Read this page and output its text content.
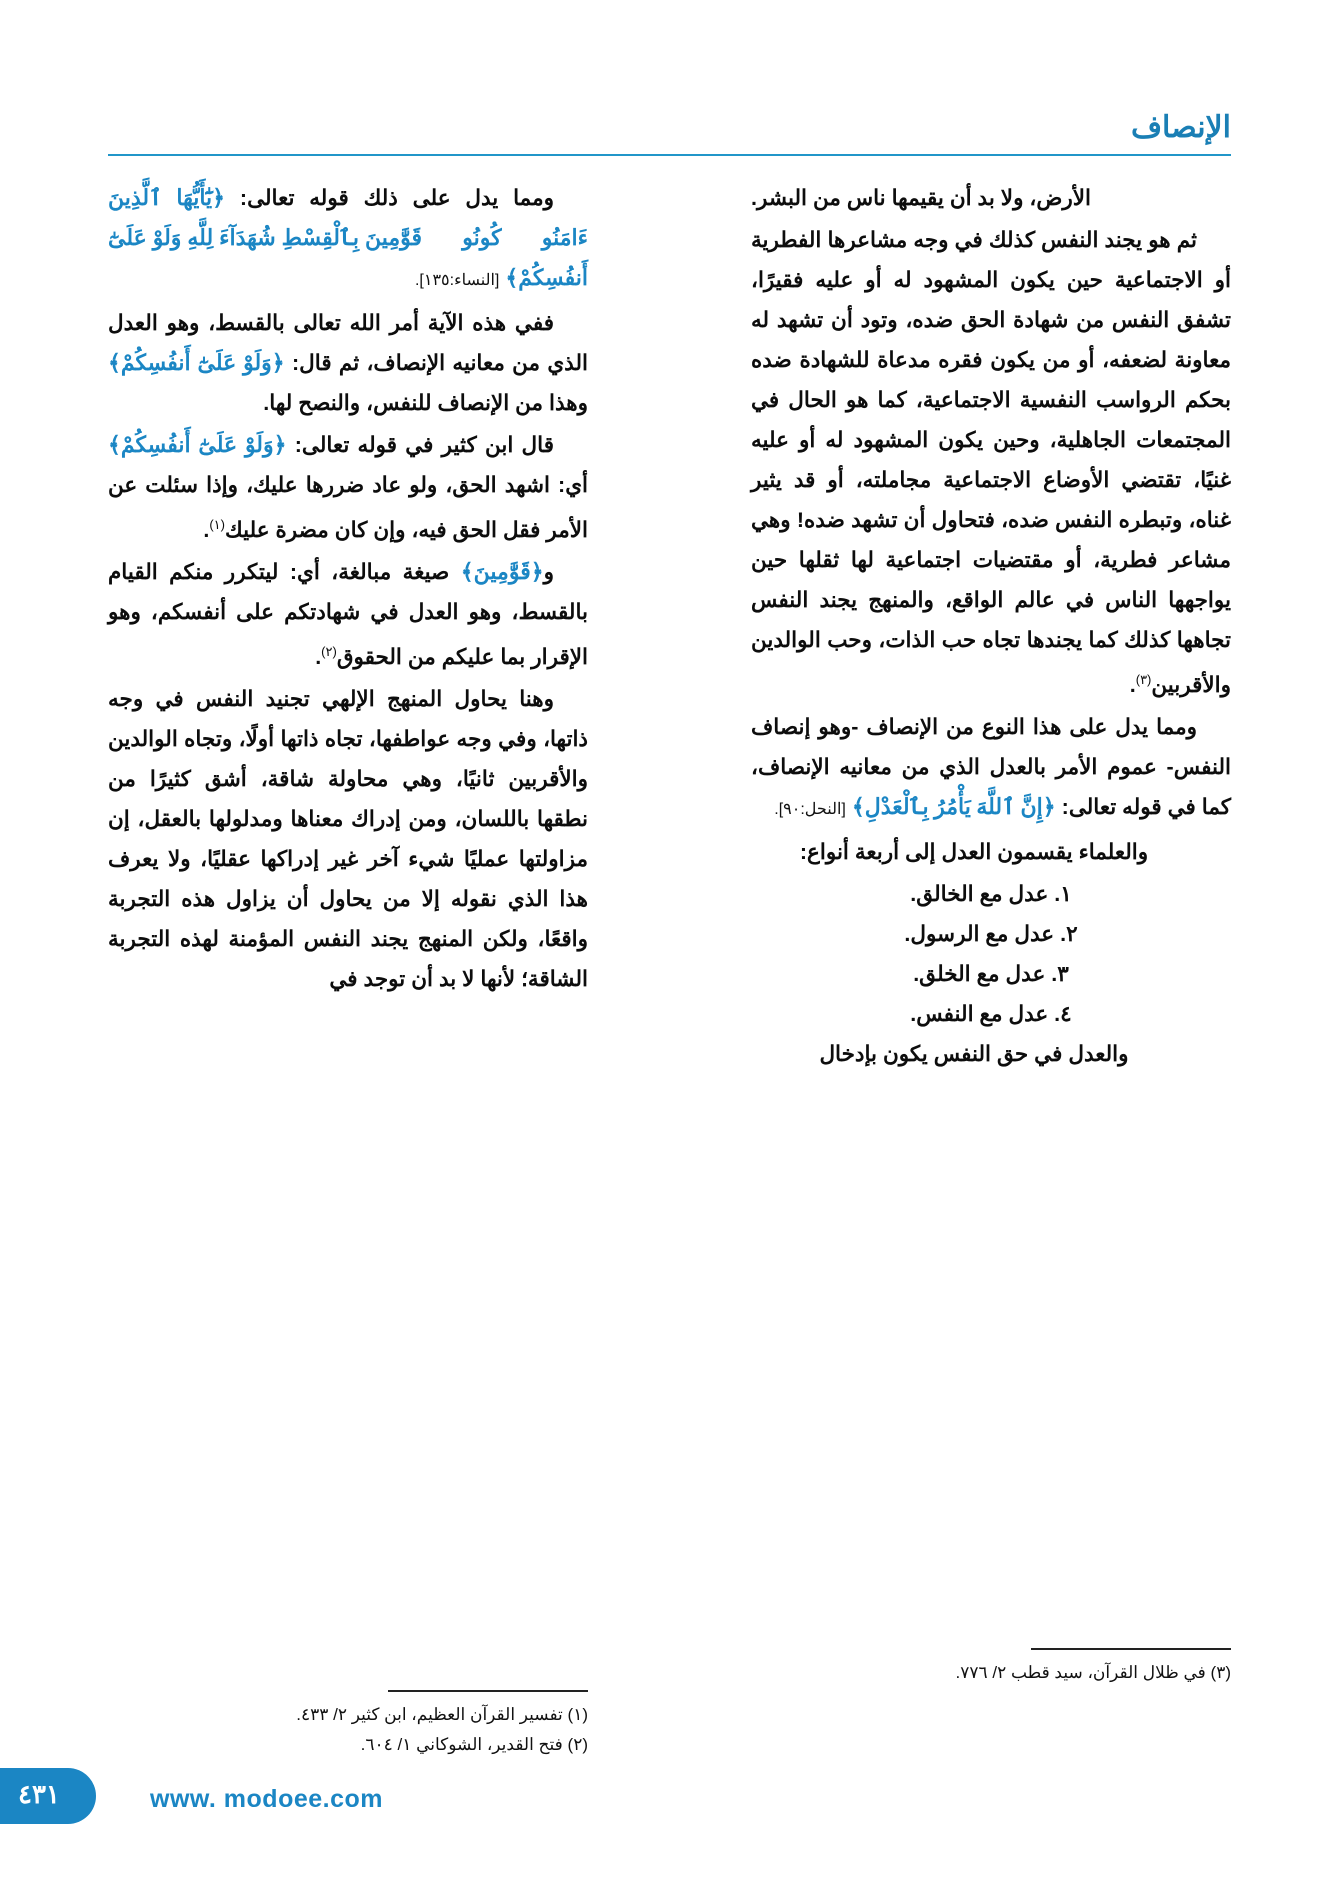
الإنصاف

ومما يدل على ذلك قوله تعالى: ﴿يَٰٓأَيُّهَا ٱلَّذِينَ ءَامَنُوا۟ كُونُوا۟ قَوَّٰمِينَ بِٱلْقِسْطِ شُهَدَآءَ لِلَّهِ وَلَوْ عَلَىٰٓ أَنفُسِكُمْ﴾ [النساء:١٣٥].

ففي هذه الآية أمر الله تعالى بالقسط، وهو العدل الذي من معانيه الإنصاف، ثم قال: ﴿وَلَوْ عَلَىٰٓ أَنفُسِكُمْ﴾ وهذا من الإنصاف للنفس، والنصح لها.

قال ابن كثير في قوله تعالى: ﴿وَلَوْ عَلَىٰٓ أَنفُسِكُمْ﴾ أي: اشهد الحق، ولو عاد ضررها عليك، وإذا سئلت عن الأمر فقل الحق فيه، وإن كان مضرة عليك$^{(١)}$.

و﴿قَوَّٰمِينَ﴾ صيغة مبالغة، أي: ليتكرر منكم القيام بالقسط، وهو العدل في شهادتكم على أنفسكم، وهو الإقرار بما عليكم من الحقوق$^{(٢)}$.

وهنا يحاول المنهج الإلهي تجنيد النفس في وجه ذاتها، وفي وجه عواطفها، تجاه ذاتها أولًا، وتجاه الوالدين والأقربين ثانيًا، وهي محاولة شاقة، أشق كثيرًا من نطقها باللسان، ومن إدراك معناها ومدلولها بالعقل، إن مزاولتها عمليًا شيء آخر غير إدراكها عقليًا، ولا يعرف هذا الذي نقوله إلا من يحاول أن يزاول هذه التجربة واقعًا، ولكن المنهج يجند النفس المؤمنة لهذه التجربة الشاقة؛ لأنها لا بد أن توجد في

الأرض، ولا بد أن يقيمها ناس من البشر.

ثم هو يجند النفس كذلك في وجه مشاعرها الفطرية أو الاجتماعية حين يكون المشهود له أو عليه فقيرًا، تشفق النفس من شهادة الحق ضده، وتود أن تشهد له معاونة لضعفه، أو من يكون فقره مدعاة للشهادة ضده بحكم الرواسب النفسية الاجتماعية، كما هو الحال في المجتمعات الجاهلية، وحين يكون المشهود له أو عليه غنيًا، تقتضي الأوضاع الاجتماعية مجاملته، أو قد يثير غناه، وتبطره النفس ضده، فتحاول أن تشهد ضده! وهي مشاعر فطرية، أو مقتضيات اجتماعية لها ثقلها حين يواجهها الناس في عالم الواقع، والمنهج يجند النفس تجاهها كذلك كما يجندها تجاه حب الذات، وحب الوالدين والأقربين$^{(٣)}$.

ومما يدل على هذا النوع من الإنصاف -وهو إنصاف النفس- عموم الأمر بالعدل الذي من معانيه الإنصاف، كما في قوله تعالى: ﴿إِنَّ ٱللَّهَ يَأْمُرُ بِٱلْعَدْلِ﴾ [النحل:٩٠].

والعلماء يقسمون العدل إلى أربعة أنواع:

١. عدل مع الخالق.
٢. عدل مع الرسول.
٣. عدل مع الخلق.
٤. عدل مع النفس.

والعدل في حق النفس يكون بإدخال

(١) تفسير القرآن العظيم، ابن كثير ٢/ ٤٣٣.
(٢) فتح القدير، الشوكاني ١/ ٦٠٤.
(٣) في ظلال القرآن، سيد قطب ٢/ ٧٧٦.
٤٣١	www. modoee.com
